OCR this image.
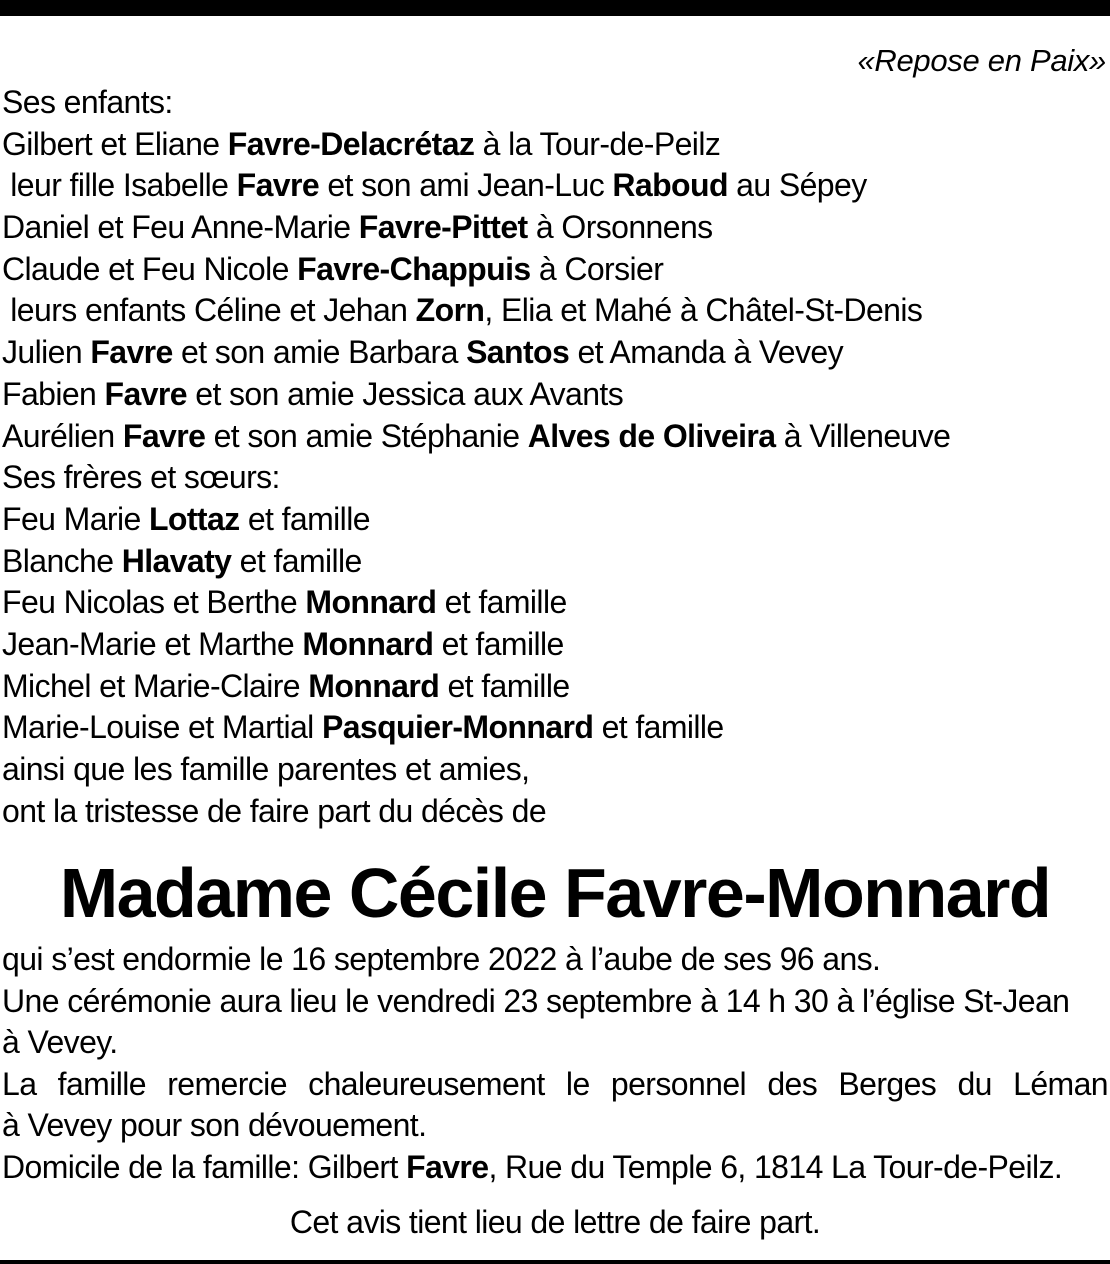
«Repose en Paix»
Ses enfants:
Gilbert et Eliane Favre-Delacrétaz à la Tour-de-Peilz
leur fille Isabelle Favre et son ami Jean-Luc Raboud au Sépey
Daniel et Feu Anne-Marie Favre-Pittet à Orsonnens
Claude et Feu Nicole Favre-Chappuis à Corsier
leurs enfants Céline et Jehan Zorn, Elia et Mahé à Châtel-St-Denis
Julien Favre et son amie Barbara Santos et Amanda à Vevey
Fabien Favre et son amie Jessica aux Avants
Aurélien Favre et son amie Stéphanie Alves de Oliveira à Villeneuve
Ses frères et sœurs:
Feu Marie Lottaz et famille
Blanche Hlavaty et famille
Feu Nicolas et Berthe Monnard et famille
Jean-Marie et Marthe Monnard et famille
Michel et Marie-Claire Monnard et famille
Marie-Louise et Martial Pasquier-Monnard et famille
ainsi que les famille parentes et amies,
ont la tristesse de faire part du décès de
Madame Cécile Favre-Monnard
qui s’est endormie le 16 septembre 2022 à l’aube de ses 96 ans.
Une cérémonie aura lieu le vendredi 23 septembre à 14 h 30 à l’église St-Jean
à Vevey.
La famille remercie chaleureusement le personnel des Berges du Léman
à Vevey pour son dévouement.
Domicile de la famille: Gilbert Favre, Rue du Temple 6, 1814 La Tour-de-Peilz.
Cet avis tient lieu de lettre de faire part.
